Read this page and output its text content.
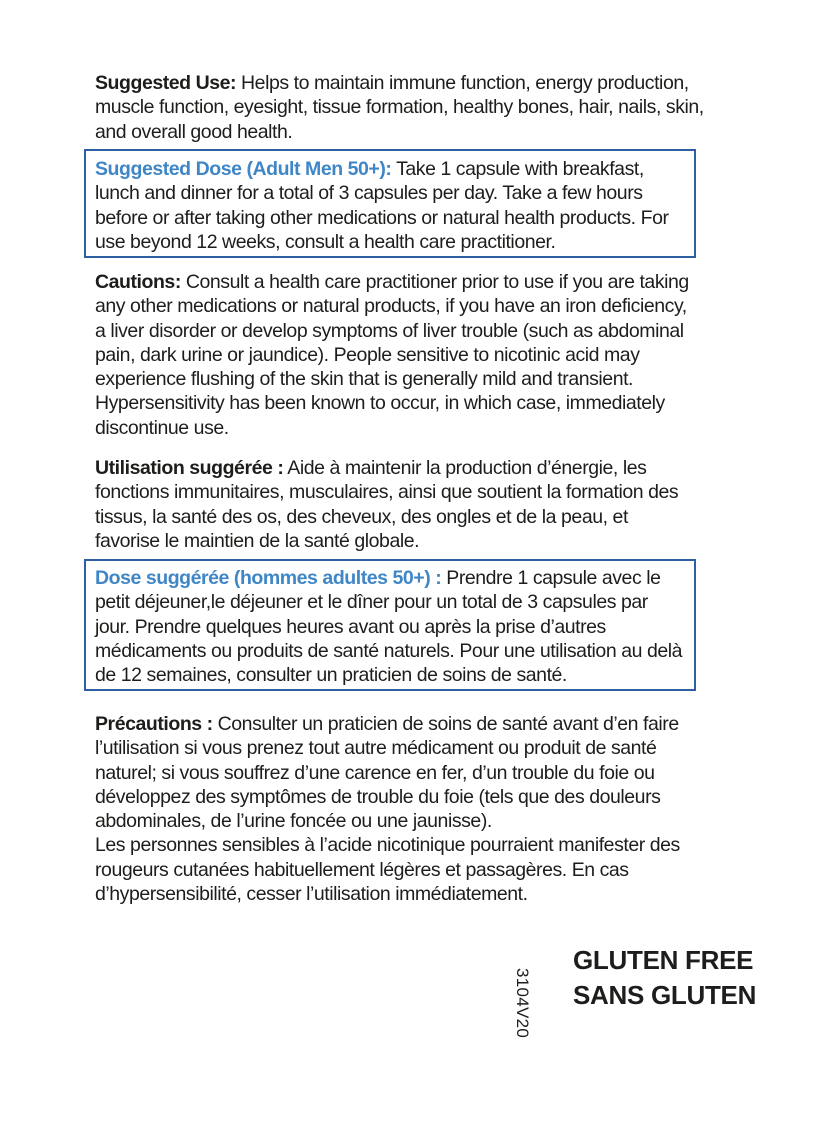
Suggested Use: Helps to maintain immune function, energy production, muscle function, eyesight, tissue formation, healthy bones, hair, nails, skin, and overall good health.
Suggested Dose (Adult Men 50+): Take 1 capsule with breakfast, lunch and dinner for a total of 3 capsules per day. Take a few hours before or after taking other medications or natural health products. For use beyond 12 weeks, consult a health care practitioner.
Cautions: Consult a health care practitioner prior to use if you are taking any other medications or natural products, if you have an iron deficiency, a liver disorder or develop symptoms of liver trouble (such as abdominal pain, dark urine or jaundice). People sensitive to nicotinic acid may experience flushing of the skin that is generally mild and transient. Hypersensitivity has been known to occur, in which case, immediately discontinue use.
Utilisation suggérée : Aide à maintenir la production d’énergie, les fonctions immunitaires, musculaires, ainsi que soutient la formation des tissus, la santé des os, des cheveux, des ongles et de la peau, et favorise le maintien de la santé globale.
Dose suggérée (hommes adultes 50+) : Prendre 1 capsule avec le petit déjeuner,le déjeuner et le dîner pour un total de 3 capsules par jour. Prendre quelques heures avant ou après la prise d’autres médicaments ou produits de santé naturels. Pour une utilisation au delà de 12 semaines, consulter un praticien de soins de santé.
Précautions : Consulter un praticien de soins de santé avant d’en faire l’utilisation si vous prenez tout autre médicament ou produit de santé naturel; si vous souffrez d’une carence en fer, d’un trouble du foie ou développez des symptômes de trouble du foie (tels que des douleurs abdominales, de l’urine foncée ou une jaunisse).
Les personnes sensibles à l’acide nicotinique pourraient manifester des rougeurs cutanées habituellement légères et passagères. En cas d’hypersensibilité, cesser l’utilisation immédiatement.
GLUTEN FREE
SANS GLUTEN
3104V20
